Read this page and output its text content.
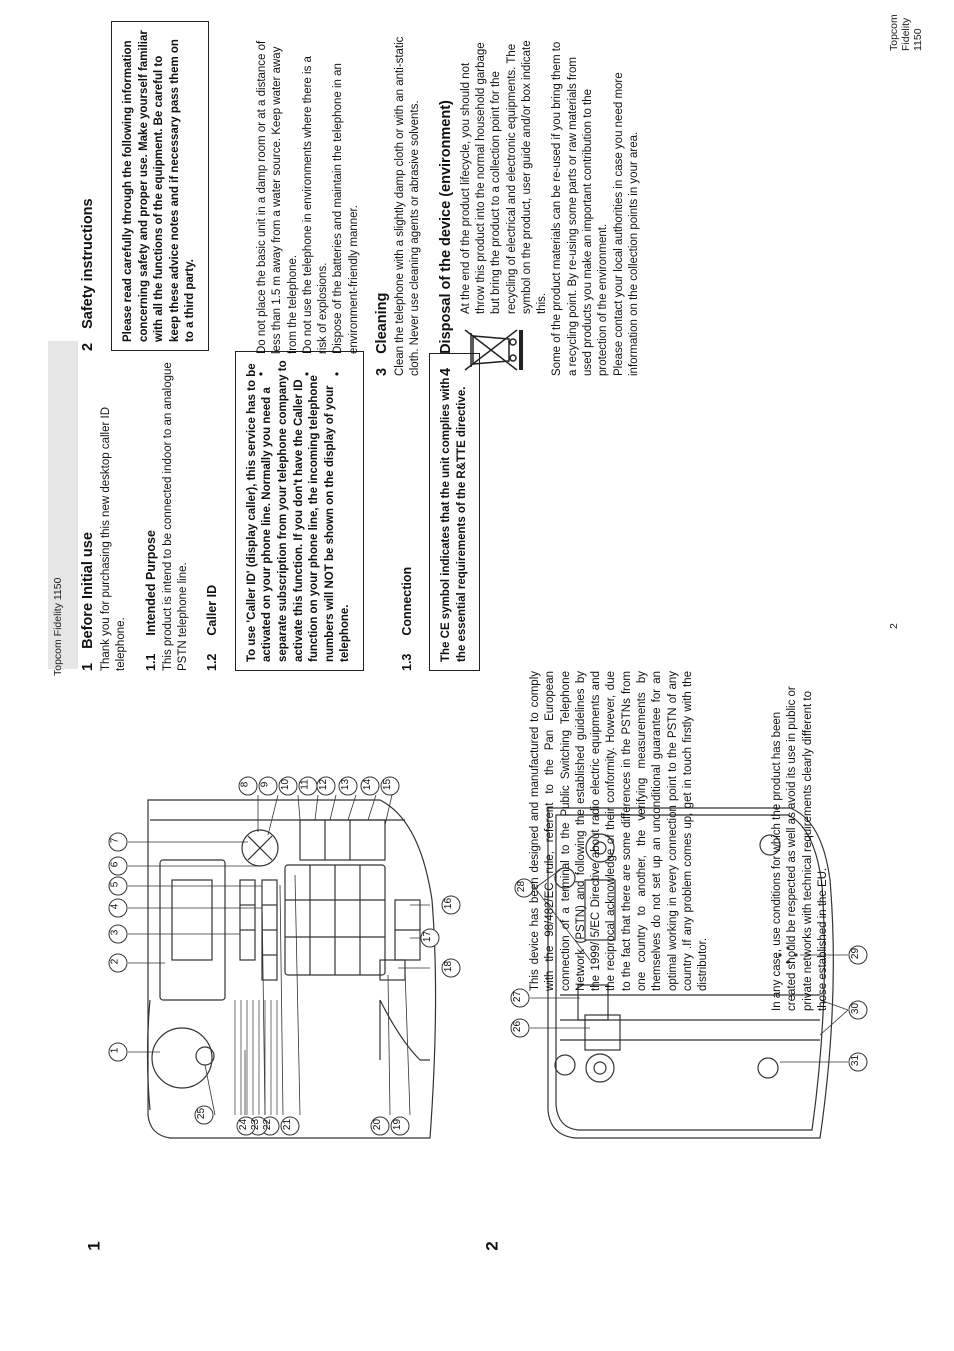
1	2
1
2
3
4
5
6
7
8 9 10 11 12 13 14 15
16
17
18
19
20
21
22
23
24
25
26
27
28
29
30
31
Topcom Fidelity 1150	2
Topcom Fidelity 1150
1
Before Initial use Thank you for purchasing this new desktop caller ID telephone. 1.1
Intended Purpose This product is intend to be connected indoor to an analogue PSTN telephone line. 1.2
Caller ID	To use 'Caller ID' (display caller), this service has to be activated on your phone line. Normally you need a separate subscription from your telephone company to activate this function. If you don't have the Caller ID function on your phone line, the incoming telephone numbers will NOT be shown on the display of your telephone.
1.3
Connection	The CE symbol indicates that the unit complies with the essential requirements of the R&TTE directive.

This device has been designed and manufactured to comply with the 98/482/EC rule, referent to the Pan European connection of a terminal to the Public Switching Telephone Network (PSTN) and following the established guidelines by the 1999/ 5/EC Directive about radio electric equipments and the reciprocal acknowledge of their conformity. However, due to the fact that there are some differences in the PSTNs from one country to another, the verifying measurements by themselves do not set up an unconditional guarantee for an optimal working in every connection point to the PSTN of any country .If any problem comes up, get in touch firstly with the distributor.	In any case, use conditions for which the product has been created should be respected as well as avoid its use in public or private networks with technical requirements clearly different to those established in the EU.

2
Safety instructions	Please read carefully through the following information concerning safety and proper use. Make yourself familiar with all the functions of the equipment. Be careful to keep these advice notes and if necessary pass them on to a third party.	• Do not place the basic unit in a damp room or at a distance of less than 1.5 m away from a water source. Keep water away from the telephone. • Do not use the telephone in environments where there is a risk of explosions. • Dispose of the batteries and maintain the telephone in an environment-friendly manner.
3
Cleaning Clean the telephone with a slightly damp cloth or with an anti-static cloth. Never use cleaning agents or abrasive solvents. 4
Disposal of the device (environment) At the end of the product lifecycle, you should not throw this product into the normal household garbage but bring the product to a collection point for the recycling of electrical and electronic equipments. The symbol on the product, user guide and/or box indicate this. Some of the product materials can be re-used if you bring them to a recycling point. By re-using some parts or raw materials from used products you make an important contribution to the protection of the environment. Please contact your local authorities in case you need more information on the collection points in your area.
